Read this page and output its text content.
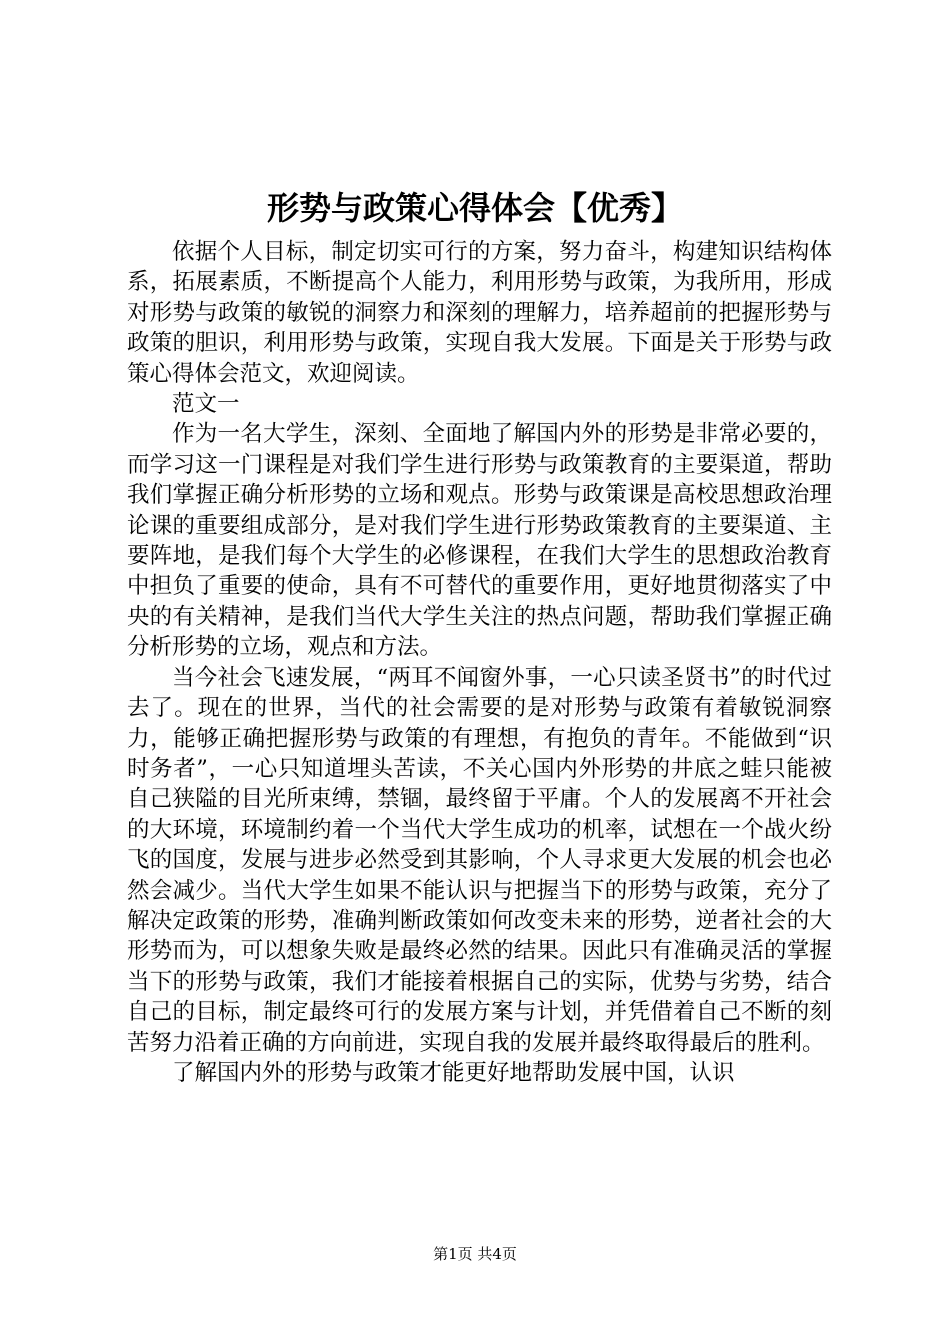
形势与政策心得体会【优秀】

依据个人目标，制定切实可行的方案，努力奋斗，构建知识结构体系，拓展素质，不断提高个人能力，利用形势与政策，为我所用，形成对形势与政策的敏锐的洞察力和深刻的理解力，培养超前的把握形势与政策的胆识，利用形势与政策，实现自我大发展。下面是关于形势与政策心得体会范文，欢迎阅读。

范文一

作为一名大学生，深刻、全面地了解国内外的形势是非常必要的，而学习这一门课程是对我们学生进行形势与政策教育的主要渠道，帮助我们掌握正确分析形势的立场和观点。形势与政策课是高校思想政治理论课的重要组成部分，是对我们学生进行形势政策教育的主要渠道、主要阵地，是我们每个大学生的必修课程，在我们大学生的思想政治教育中担负了重要的使命，具有不可替代的重要作用，更好地贯彻落实了中央的有关精神，是我们当代大学生关注的热点问题，帮助我们掌握正确分析形势的立场，观点和方法。

当今社会飞速发展，“两耳不闻窗外事，一心只读圣贤书”的时代过去了。现在的世界，当代的社会需要的是对形势与政策有着敏锐洞察力，能够正确把握形势与政策的有理想，有抱负的青年。不能做到“识时务者”，一心只知道埋头苦读，不关心国内外形势的井底之蛙只能被自己狭隘的目光所束缚，禁锢，最终留于平庸。个人的发展离不开社会的大环境，环境制约着一个当代大学生成功的机率，试想在一个战火纷飞的国度，发展与进步必然受到其影响，个人寻求更大发展的机会也必然会减少。当代大学生如果不能认识与把握当下的形势与政策，充分了解决定政策的形势，准确判断政策如何改变未来的形势，逆者社会的大形势而为，可以想象失败是最终必然的结果。因此只有准确灵活的掌握当下的形势与政策，我们才能接着根据自己的实际，优势与劣势，结合自己的目标，制定最终可行的发展方案与计划，并凭借着自己不断的刻苦努力沿着正确的方向前进，实现自我的发展并最终取得最后的胜利。

了解国内外的形势与政策才能更好地帮助发展中国，认识

第1页 共4页
